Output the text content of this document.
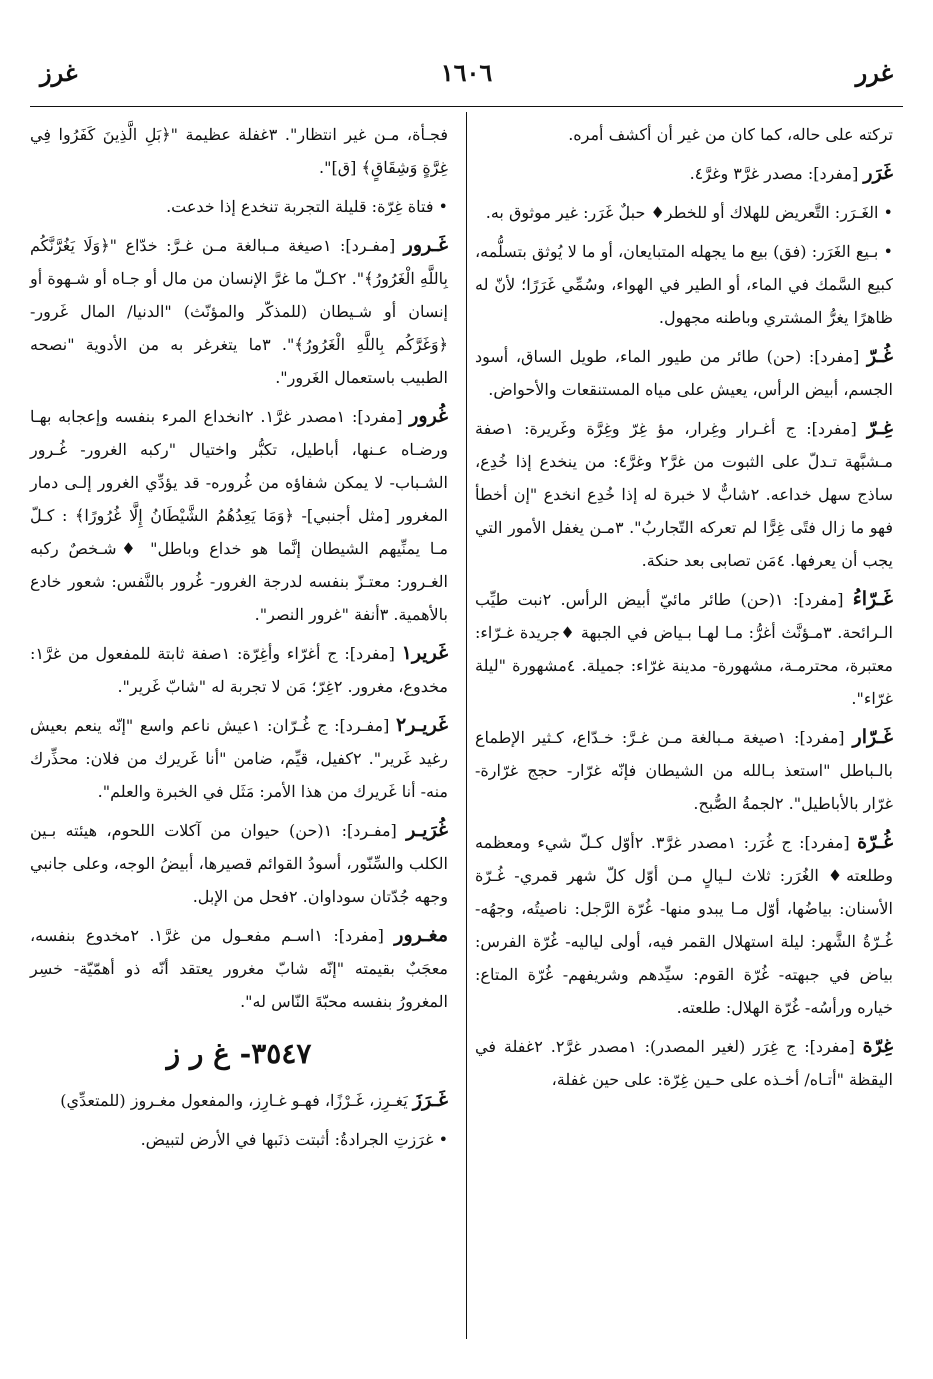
غرر
١٦٠٦
غرز

تركته على حاله، كما كان من غير أن أكشف أمره.

غَرَر [مفرد]: مصدر غرَّ٣ وغرَّ٤.

• الغَـرَر: التَّعريض للهلاك أو للخطر♦ حبلٌ غَرَر: غير موثوق به.

• بـيع الغَرَر: (فق) بيع ما يجهله المتبايعان، أو ما لا يُوثق بتسلُّمه، كبيع السَّمك في الماء، أو الطير في الهواء، وسُمِّي غَرَرًا؛ لأنّ له ظاهرًا يغرُّ المشتري وباطنه مجهول.

غُـرّ [مفرد]: (حن) طائر من طيور الماء، طويل الساق، أسود الجسم، أبيض الرأس، يعيش على مياه المستنقعات والأحواض.

غِـرّ [مفرد]: ج أغـرار وغِرار، مؤ غِرّ وغِرَّة وغَريرة: ١صفة مـشبَّهة تـدلّ على الثبوت من غرَّ٢ وغرَّ٤: من ينخدع إذا خُدِع، ساذج سهل خداعه. ٢شابٌّ لا خبرة له إذا خُدِع انخدع "إن أخطأ فهو ما زال فتًى غِرًّا لم تعركه التّجاربُ". ٣مـن يغفل الأمور التي يجب أن يعرفها. ٤مَن تصابى بعد حنكة.

غَـرّاءُ [مفرد]: ١(حن) طائر مائيّ أبيض الرأس. ٢نبت طيِّب الـرائحة. ٣مـؤنَّث أغرُّ: مـا لهـا بـياض في الجبهة ♦جريدة غـرّاء: معتبرة، محترمـة، مشهورة- مدينة غرّاء: جميلة. ٤مشهورة "ليلة غرّاء".

غَـرّار [مفرد]: ١صيغة مـبالغة مـن غـرَّ: خـدّاع، كـثير الإطماع بالـباطل "استعذ بـالله من الشيطان فإنّه غرّار- حجج غرّارة- غرّار بالأباطيل". ٢لجمةُ الصُّبح.

غُـرّة [مفرد]: ج غُرَر: ١مصدر غرَّ٣. ٢أوّل كـلّ شيء ومعظمه وطلعته♦ الغُرَر: ثلاث لـيالٍ مـن أوّل كلّ شهر قمري- غُـرّة الأسنان: بياضُها، أوّل مـا يبدو منها- غُرّة الرَّجل: ناصيتُه، وجهُه- غُـرّةُ الشَّهر: ليلة استهلال القمر فيه، أولى لياليه- غُرّة الفرس: بياض في جبهته- غُرّة القوم: سيِّدهم وشريفهم- غُرّة المتاع: خياره ورأسُه- غُرّة الهلال: طلعته.

غِرّة [مفرد]: ج غِرَر (لغير المصدر): ١مصدر غرَّ٢. ٢غفلة في اليقظة "أتـاه/ أخـذه على حـين غِرّة: على حين غفلة،

فجـأة، مـن غير انتظار". ٣غفلة عظيمة "﴿بَلِ الَّذِينَ كَفَرُوا فِي غِرَّةٍ وَشِقَاقٍ﴾ [ق]".

• فتاة غِرّة: قليلة التجربة تنخدع إذا خدعت.

غَـرور [مفـرد]: ١صيغة مـبالغة مـن غـرَّ: خدّاع "﴿وَلَا يَغُرَّنَّكُم بِاللَّهِ الْغَرُورُ﴾". ٢كـلّ ما غرَّ الإنسان من مال أو جـاه أو شـهوة أو إنسان أو شـيطان (للمذكّر والمؤنّث) "الدنيا/ المال غَرور- ﴿وَغَرَّكُم بِاللَّهِ الْغَرُورُ﴾". ٣ما يتغرغر به من الأدوية "نصحه الطبيب باستعمال الغَرور".

غُرور [مفرد]: ١مصدر غرَّ١. ٢انخداع المرء بنفسه وإعجابه بهـا ورضـاه عـنها، أباطيل، تكبُّر واختيال "ركبه الغرور- غُـرور الشـباب- لا يمكن شفاؤه من غُروره- قد يؤدِّي الغرور إلـى دمار المغرور [مثل أجنبي]- ﴿وَمَا يَعِدُهُمُ الشَّيْطَانُ إِلَّا غُرُورًا﴾ : كـلّ مـا يمنِّيهم الشيطان إنَّما هو خداع وباطل" ♦شـخصٌ ركبه الغـرور: معتـزّ بنفسه لدرجة الغرور- غُرور بالنَّفس: شعور خادع بالأهمية. ٣أنفة "غرور النصر".

غَرير١ [مفرد]: ج أغرّاء وأغِرّة: ١صفة ثابتة للمفعول من غرَّ١: مخدوع، مغرور. ٢غِرّ؛ مَن لا تجربة له "شابّ غَرير".

غَريـر٢ [مفـرد]: ج غُـرّان: ١عيش ناعم واسع "إنّه ينعم بعيش رغيد غَرير". ٢كفيل، قيِّم، ضامن "أنا غَريرك من فلان: محذِّرك منه- أنا غَريرك من هذا الأمر: مَثَل في الخبرة والعلم".

غُرَيـر [مفـرد]: ١(حن) حيوان من آكلات اللحوم، هيئته بـين الكلب والسِّنّور، أسودُ القوائم قصيرها، أبيضُ الوجه، وعلى جانبي وجهه جُدّتان سوداوان. ٢فحل من الإبل.

مغـرور [مفرد]: ١اسـم مفعـول من غرَّ١. ٢مخدوع بنفسه، معجَبٌ بقيمته "إنّه شابّ مغرور يعتقد أنّه ذو أهمّيّة- خسِر المغرورُ بنفسه محبّةَ النّاس له".

٣٥٤٧- غ ر ز

غَـرَزَ يَغـرِز، غَـرْزًا، فهـو غـارِز، والمفعول مغـروز (للمتعدِّي)

• غرَزتِ الجرادةُ: أثبتت ذنَبها في الأرض لتبيض.
